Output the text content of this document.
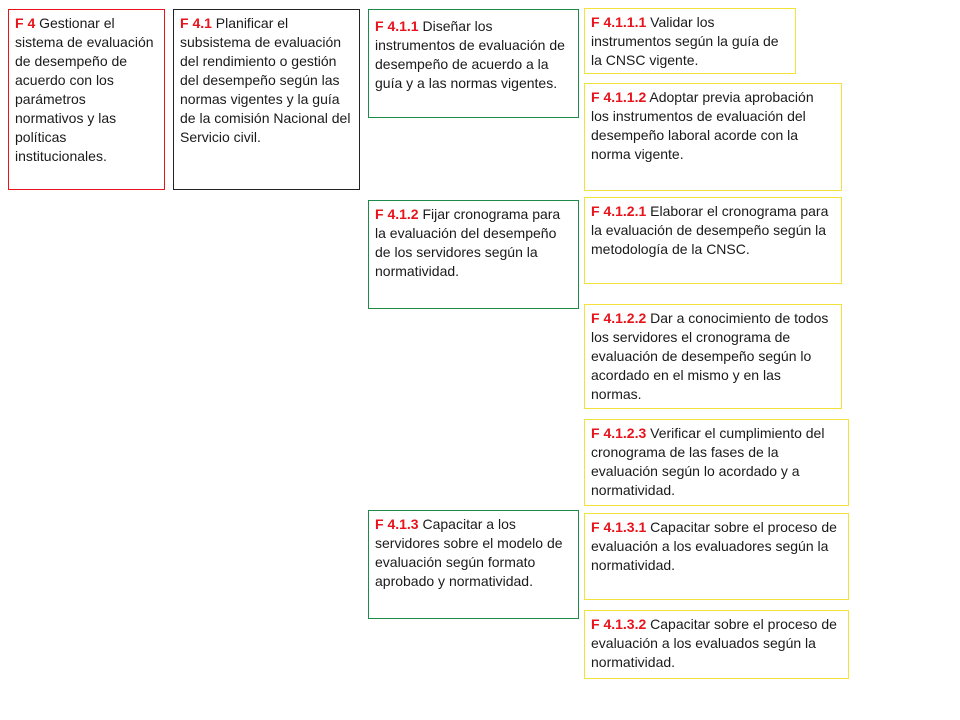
F 4 Gestionar el sistema de evaluación de desempeño de acuerdo con los parámetros normativos y las políticas institucionales.
F 4.1 Planificar el subsistema de evaluación del rendimiento o gestión del desempeño según las normas vigentes y la guía de la comisión Nacional del Servicio civil.
F 4.1.1 Diseñar los instrumentos de evaluación de desempeño de acuerdo a la guía y a las normas vigentes.
F 4.1.2 Fijar cronograma para la evaluación del desempeño de los servidores según la normatividad.
F 4.1.3 Capacitar a los servidores sobre el modelo de evaluación según formato aprobado y normatividad.
F 4.1.1.1 Validar los instrumentos según la guía de la CNSC vigente.
F 4.1.1.2 Adoptar previa aprobación los instrumentos de evaluación del desempeño laboral acorde con la norma vigente.
F 4.1.2.1 Elaborar el cronograma para la evaluación de desempeño según la metodología de la CNSC.
F 4.1.2.2 Dar a conocimiento de todos los servidores el cronograma de evaluación de desempeño según lo acordado en el mismo y en las normas.
F 4.1.2.3 Verificar el cumplimiento del cronograma de las fases de la evaluación según lo acordado y a normatividad.
F 4.1.3.1 Capacitar sobre el proceso de evaluación a los evaluadores según la normatividad.
F 4.1.3.2 Capacitar sobre el proceso de evaluación a los evaluados según la normatividad.
